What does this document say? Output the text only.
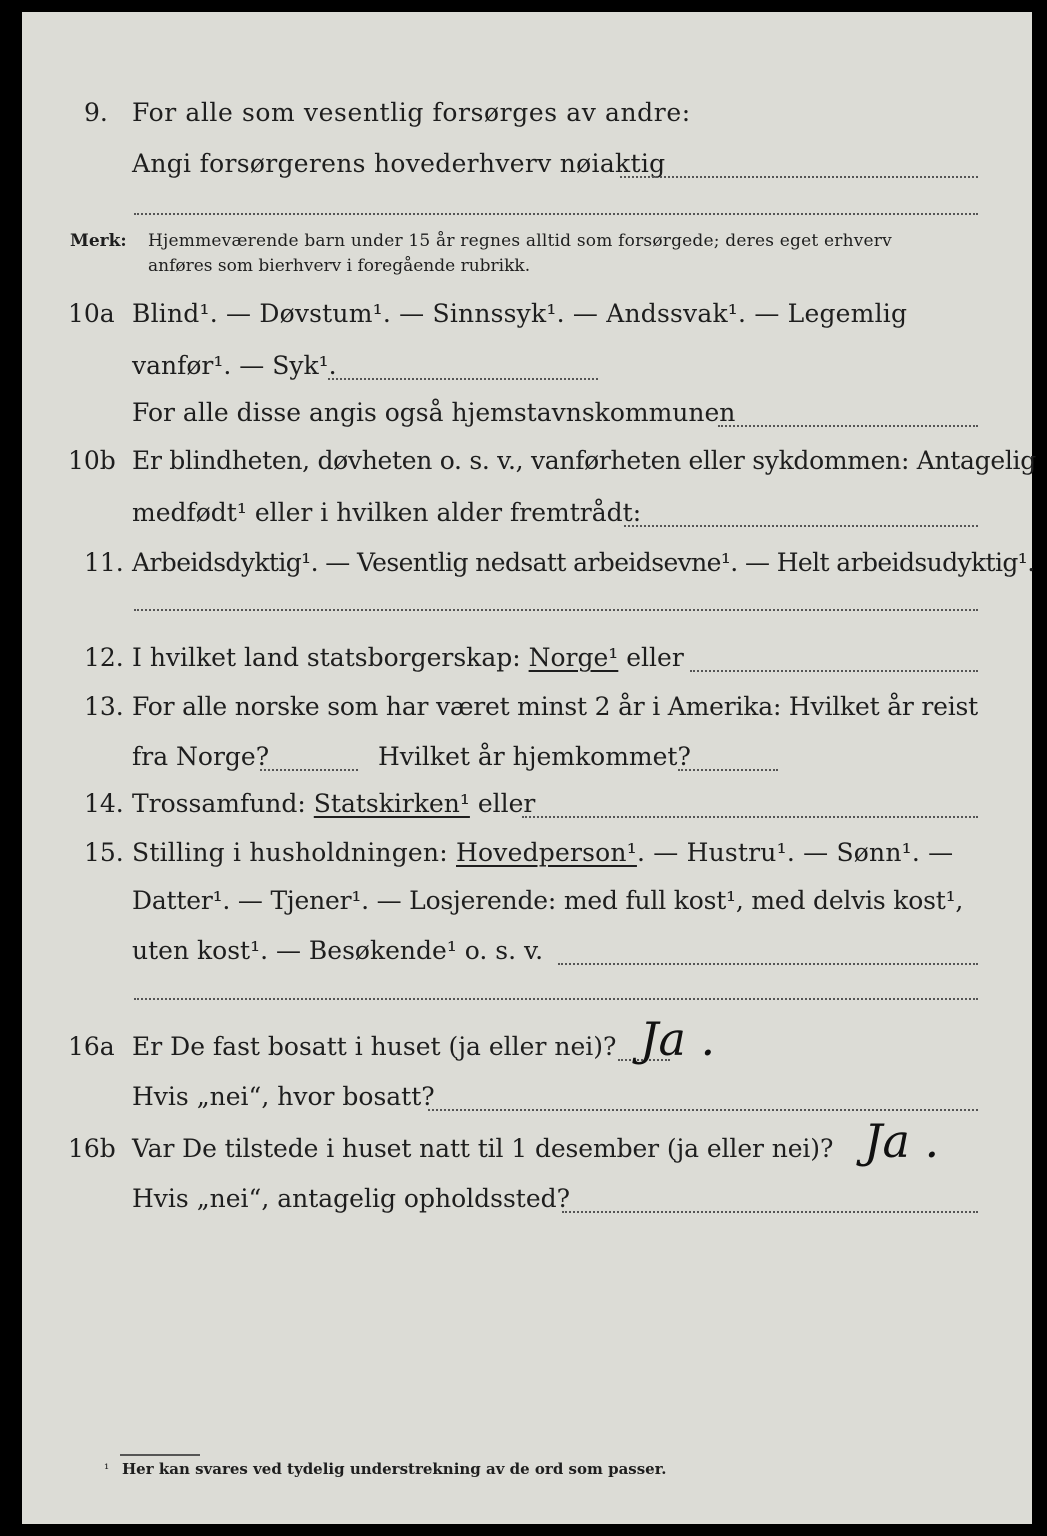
9. For alle som vesentlig forsørges av andre:
Angi forsørgerens hovederhverv nøiaktig
Merk: Hjemmeværende barn under 15 år regnes alltid som forsørgede; deres eget erhverv
anføres som bierhverv i foregående rubrikk.
10a Blind¹. — Døvstum¹. — Sinnssyk¹. — Andssvak¹. — Legemlig
vanfør¹. — Syk¹.
For alle disse angis også hjemstavnskommunen
10b Er blindheten, døvheten o. s. v., vanførheten eller sykdommen: Antagelig
medfødt¹ eller i hvilken alder fremtrådt:
11. Arbeidsdyktig¹. — Vesentlig nedsatt arbeidsevne¹. — Helt arbeidsudyktig¹.
12. I hvilket land statsborgerskap: Norge¹ eller
13. For alle norske som har været minst 2 år i Amerika: Hvilket år reist
fra Norge?	Hvilket år hjemkommet?
14. Trossamfund: Statskirken¹ eller
15. Stilling i husholdningen: Hovedperson¹. — Hustru¹. — Sønn¹. —
Datter¹. — Tjener¹. — Losjerende: med full kost¹, med delvis kost¹,
uten kost¹. — Besøkende¹ o. s. v.
16a Er De fast bosatt i huset (ja eller nei)? Ja .
Hvis „nei“, hvor bosatt?
16b Var De tilstede i huset natt til 1 desember (ja eller nei)? Ja .
Hvis „nei“, antagelig opholdssted?
¹ Her kan svares ved tydelig understrekning av de ord som passer.
